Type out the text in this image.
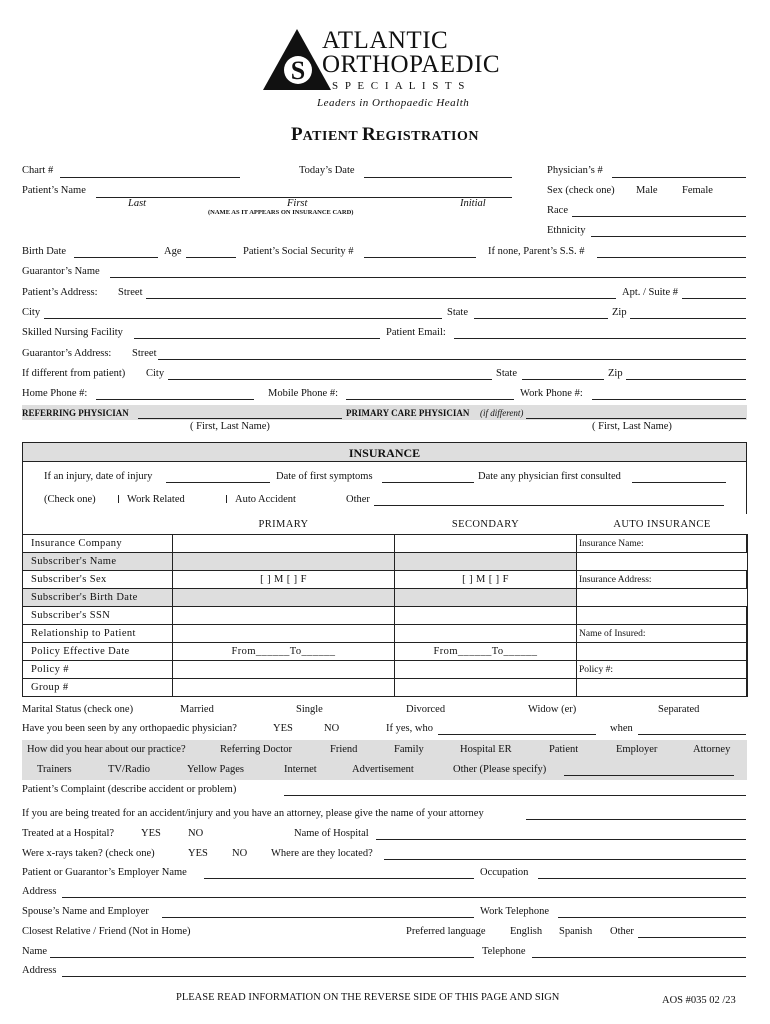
S
ATLANTIC
ORTHOPAEDIC
S P E C I A L I S T S
Leaders in Orthopaedic Health
PATIENT REGISTRATION
Chart #	Today’s Date	Physician’s #
Patient’s Name
Last	First	Initial
(NAME AS IT APPEARS ON INSURANCE CARD)
Sex (check one) Male Female
Race
Ethnicity
Birth Date	Age	Patient’s Social Security #	If none, Parent’s S.S. #
Guarantor’s Name
Patient’s Address: Street	Apt. / Suite #
City	State	Zip
Skilled Nursing Facility	Patient Email:
Guarantor’s Address: Street
If different from patient) City	State	Zip
Home Phone #:	Mobile Phone #:	Work Phone #:
REFERRING PHYSICIAN	PRIMARY CARE PHYSICIAN (if different)
( First, Last Name)	( First, Last Name)
INSURANCE
If an injury, date of injury	Date of first symptoms	Date any physician first consulted
(Check one)	Work Related	Auto Accident	Other
	PRIMARY	SECONDARY	AUTO INSURANCE
Insurance Company			Insurance Name:
Subscriber's Name			
Subscriber's Sex	[ ] M [ ] F	[ ] M [ ] F	Insurance Address:
Subscriber's Birth Date			
Subscriber's SSN			
Relationship to Patient			Name of Insured:
Policy Effective Date	From______To______	From______To______	
Policy #			Policy #:
Group #			
Marital Status (check one)	Married	Single	Divorced	Widow (er)	Separated
Have you been seen by any orthopaedic physician?	YES	NO	If yes, who	when
How did you hear about our practice?	Referring Doctor	Friend	Family	Hospital ER	Patient	Employer	Attorney
Trainers	TV/Radio	Yellow Pages	Internet	Advertisement	Other (Please specify)
Patient’s Complaint (describe accident or problem)
If you are being treated for an accident/injury and you have an attorney, please give the name of your attorney
Treated at a Hospital?	YES	NO	Name of Hospital
Were x-rays taken? (check one)	YES NO Where are they located?
Patient or Guarantor’s Employer Name	Occupation
Address
Spouse’s Name and Employer	Work Telephone
Closest Relative / Friend (Not in Home)	Preferred language English Spanish Other
Name	Telephone
Address
PLEASE READ INFORMATION ON THE REVERSE SIDE OF THIS PAGE AND SIGN	AOS #035 02 /23
